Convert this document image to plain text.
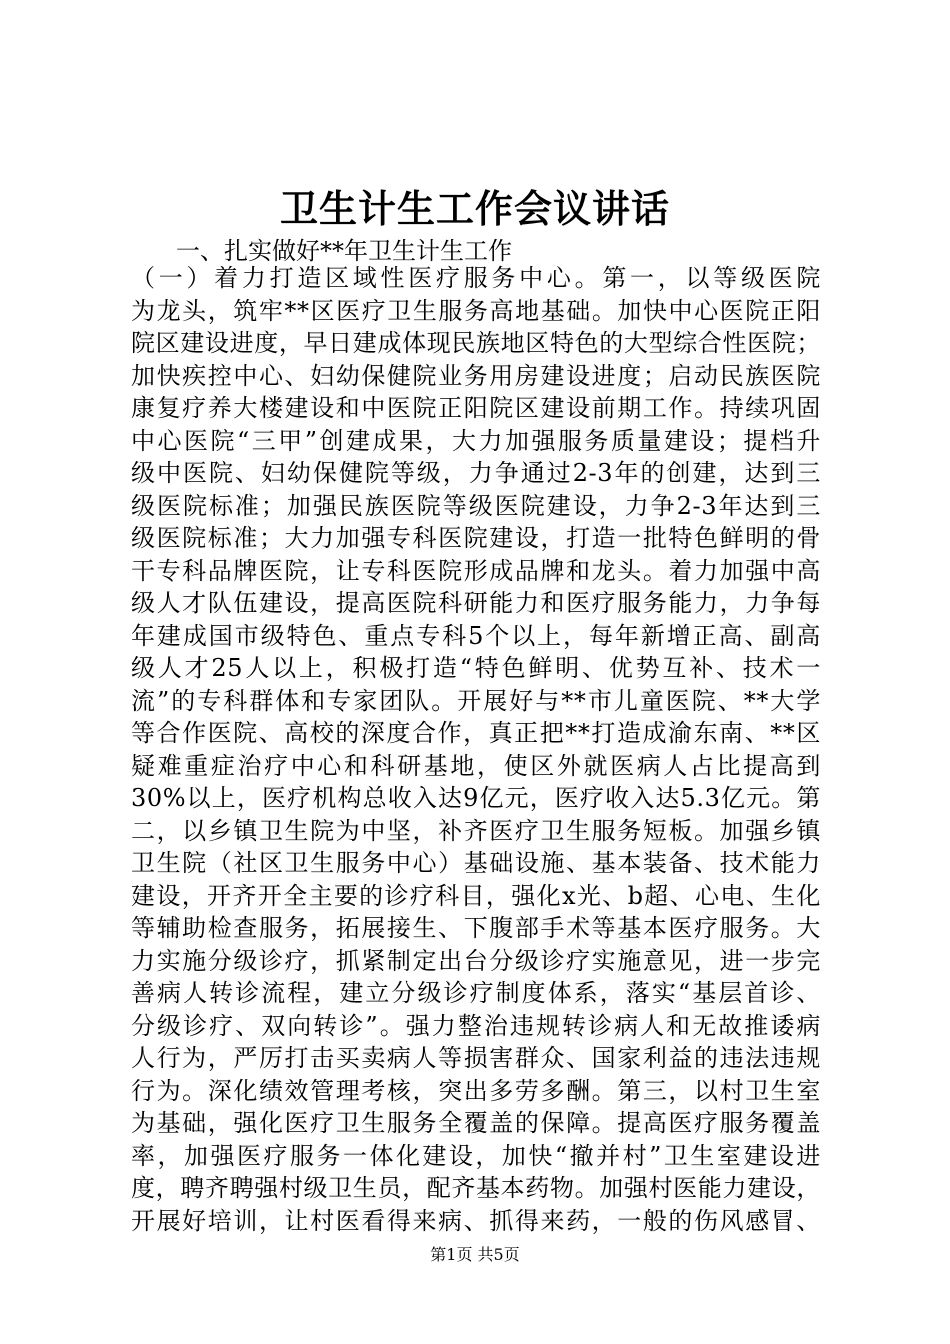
卫生计生工作会议讲话

一、扎实做好**年卫生计生工作

（一）着力打造区域性医疗服务中心。第一，以等级医院
为龙头，筑牢**区医疗卫生服务高地基础。加快中心医院正阳
院区建设进度，早日建成体现民族地区特色的大型综合性医院；
加快疾控中心、妇幼保健院业务用房建设进度；启动民族医院
康复疗养大楼建设和中医院正阳院区建设前期工作。持续巩固
中心医院“三甲”创建成果，大力加强服务质量建设；提档升
级中医院、妇幼保健院等级，力争通过2-3年的创建，达到三
级医院标准；加强民族医院等级医院建设，力争2-3年达到三
级医院标准；大力加强专科医院建设，打造一批特色鲜明的骨
干专科品牌医院，让专科医院形成品牌和龙头。着力加强中高
级人才队伍建设，提高医院科研能力和医疗服务能力，力争每
年建成国市级特色、重点专科5个以上，每年新增正高、副高
级人才25人以上，积极打造“特色鲜明、优势互补、技术一
流”的专科群体和专家团队。开展好与**市儿童医院、**大学
等合作医院、高校的深度合作，真正把**打造成渝东南、**区
疑难重症治疗中心和科研基地，使区外就医病人占比提高到
30%以上，医疗机构总收入达9亿元，医疗收入达5.3亿元。第
二，以乡镇卫生院为中坚，补齐医疗卫生服务短板。加强乡镇
卫生院（社区卫生服务中心）基础设施、基本装备、技术能力
建设，开齐开全主要的诊疗科目，强化x光、b超、心电、生化
等辅助检查服务，拓展接生、下腹部手术等基本医疗服务。大
力实施分级诊疗，抓紧制定出台分级诊疗实施意见，进一步完
善病人转诊流程，建立分级诊疗制度体系，落实“基层首诊、
分级诊疗、双向转诊”。强力整治违规转诊病人和无故推诿病
人行为，严厉打击买卖病人等损害群众、国家利益的违法违规
行为。深化绩效管理考核，突出多劳多酬。第三，以村卫生室
为基础，强化医疗卫生服务全覆盖的保障。提高医疗服务覆盖
率，加强医疗服务一体化建设，加快“撤并村”卫生室建设进
度，聘齐聘强村级卫生员，配齐基本药物。加强村医能力建设，
开展好培训，让村医看得来病、抓得来药，一般的伤风感冒、
第1页 共5页
